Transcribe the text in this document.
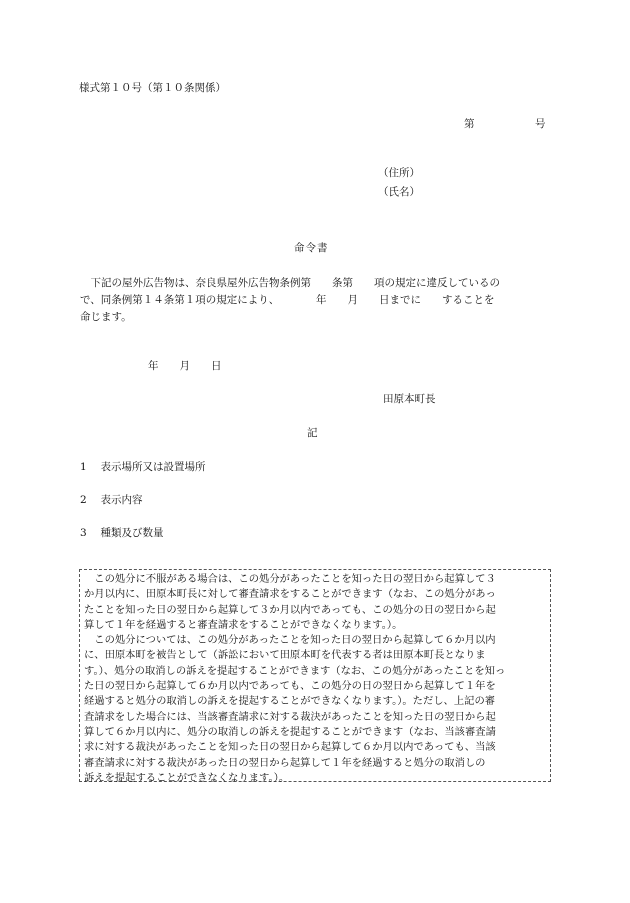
様式第１０号（第１０条関係）
第	号
（住所）
（氏名）
命令書

下記の屋外広告物は、奈良県屋外広告物条例第　　条第　　項の規定に違反しているの

で、同条例第１４条第１項の規定により、　　　　年　　月　　日までに　　することを

命じます。

年　　月　　日
田原本町長
記
1　 表示場所又は設置場所
2　 表示内容
3　 種類及び数量

この処分に不服がある場合は、この処分があったことを知った日の翌日から起算して３

か月以内に、田原本町長に対して審査請求をすることができます（なお、この処分があっ

たことを知った日の翌日から起算して３か月以内であっても、この処分の日の翌日から起

算して１年を経過すると審査請求をすることができなくなります。）。

この処分については、この処分があったことを知った日の翌日から起算して６か月以内

に、田原本町を被告として（訴訟において田原本町を代表する者は田原本町長となりま

す。）、処分の取消しの訴えを提起することができます（なお、この処分があったことを知っ

た日の翌日から起算して６か月以内であっても、この処分の日の翌日から起算して１年を

経過すると処分の取消しの訴えを提起することができなくなります。）。ただし、上記の審

査請求をした場合には、当該審査請求に対する裁決があったことを知った日の翌日から起

算して６か月以内に、処分の取消しの訴えを提起することができます（なお、当該審査請

求に対する裁決があったことを知った日の翌日から起算して６か月以内であっても、当該

審査請求に対する裁決があった日の翌日から起算して１年を経過すると処分の取消しの

訴えを提起することができなくなります。）。
